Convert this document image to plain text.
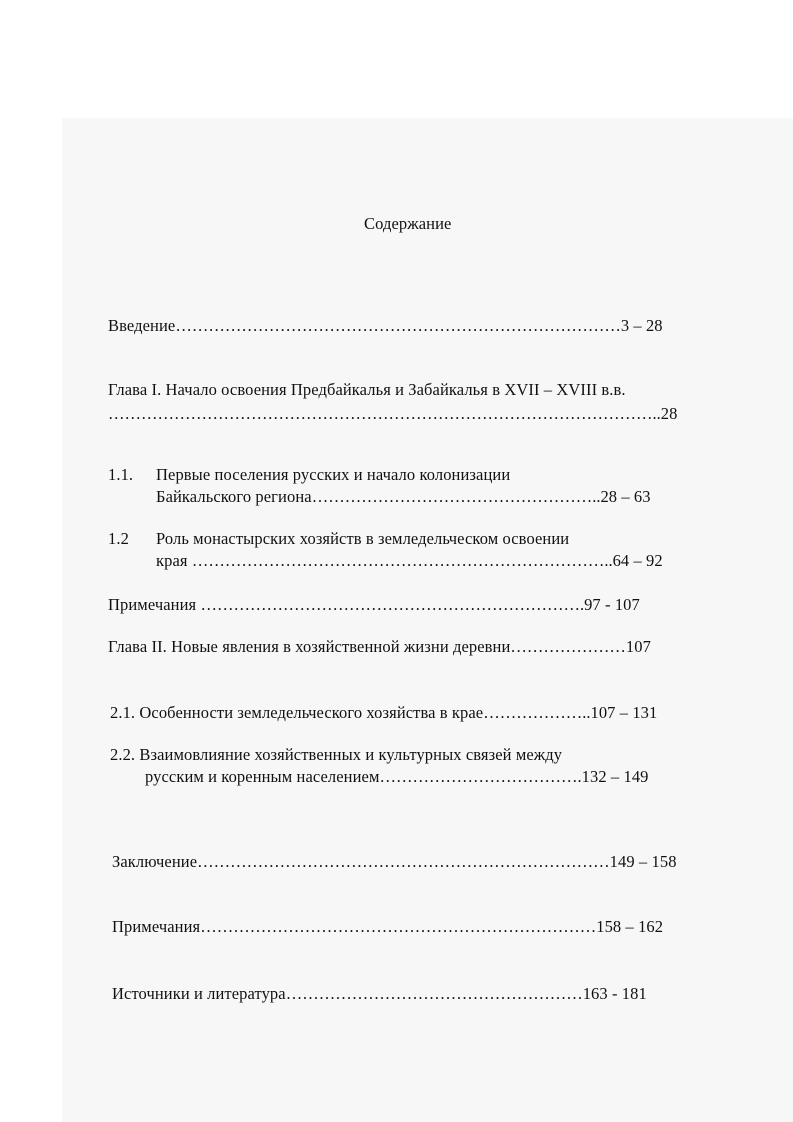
Содержание
Введение………………………………………………………………………3 – 28
Глава I. Начало освоения Предбайкалья и Забайкалья в XVII – XVIII в.в.
………………………………………………………………………………………..28
1.1. Первые поселения русских и начало колонизации
Байкальского региона……………………………………………..28 – 63
1.2 Роль монастырских хозяйств в земледельческом освоении
края …………………………………………………………………..64 – 92
Примечания …………………………………………………………….97 - 107
Глава II. Новые явления в хозяйственной жизни деревни…………………107
2.1. Особенности земледельческого хозяйства в крае………………..107 – 131
2.2. Взаимовлияние хозяйственных и культурных связей между
русским и коренным населением……………………………….132 – 149
Заключение…………………………………………………………………149 – 158
Примечания………………………………………………………………158 – 162
Источники и литература………………………………………………163 - 181
